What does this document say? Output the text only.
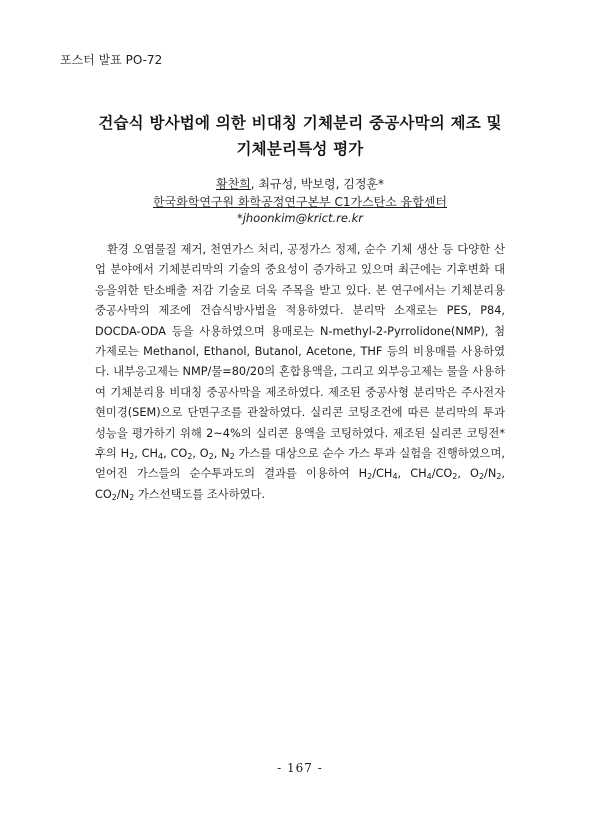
포스터 발표 PO-72
건습식 방사법에 의한 비대칭 기체분리 중공사막의 제조 및
기체분리특성 평가
황찬희, 최규성, 박보령, 김정훈*
한국화학연구원 화학공정연구본부 C1가스탄소 융합센터
*jhoonkim@krict.re.kr

환경 오염물질 제거, 천연가스 처리, 공정가스 정제, 순수 기체 생산 등 다양한 산업 분야에서 기체분리막의 기술의 중요성이 증가하고 있으며 최근에는 기후변화 대응을위한 탄소배출 저감 기술로 더욱 주목을 받고 있다. 본 연구에서는 기체분리용 중공사막의 제조에 건습식방사법을 적용하였다. 분리막 소재로는 PES, P84, DOCDA-ODA 등을 사용하였으며 용매로는 N-methyl-2-Pyrrolidone(NMP), 첨가제로는 Methanol, Ethanol, Butanol, Acetone, THF 등의 비용매를 사용하였다. 내부응고제는 NMP/물=80/20의 혼합용액을, 그리고 외부응고제는 물을 사용하여 기체분리용 비대칭 중공사막을 제조하였다. 제조된 중공사형 분리막은 주사전자 현미경(SEM)으로 단면구조를 관찰하였다. 실리콘 코팅조건에 따른 분리막의 투과 성능을 평가하기 위해 2~4%의 실리콘 용액을 코팅하였다. 제조된 실리콘 코팅전*후의 $H_2$, $CH_4$, $CO_2$, $O_2$, $N_2$ 가스를 대상으로 순수 가스 투과 실험을 진행하였으며, 얻어진 가스들의 순수투과도의 결과를 이용하여 $H_2/CH_4$, $CH_4/CO_2$, $O_2/N_2$, $CO_2/N_2$ 가스선택도를 조사하였다.

- 167 -
